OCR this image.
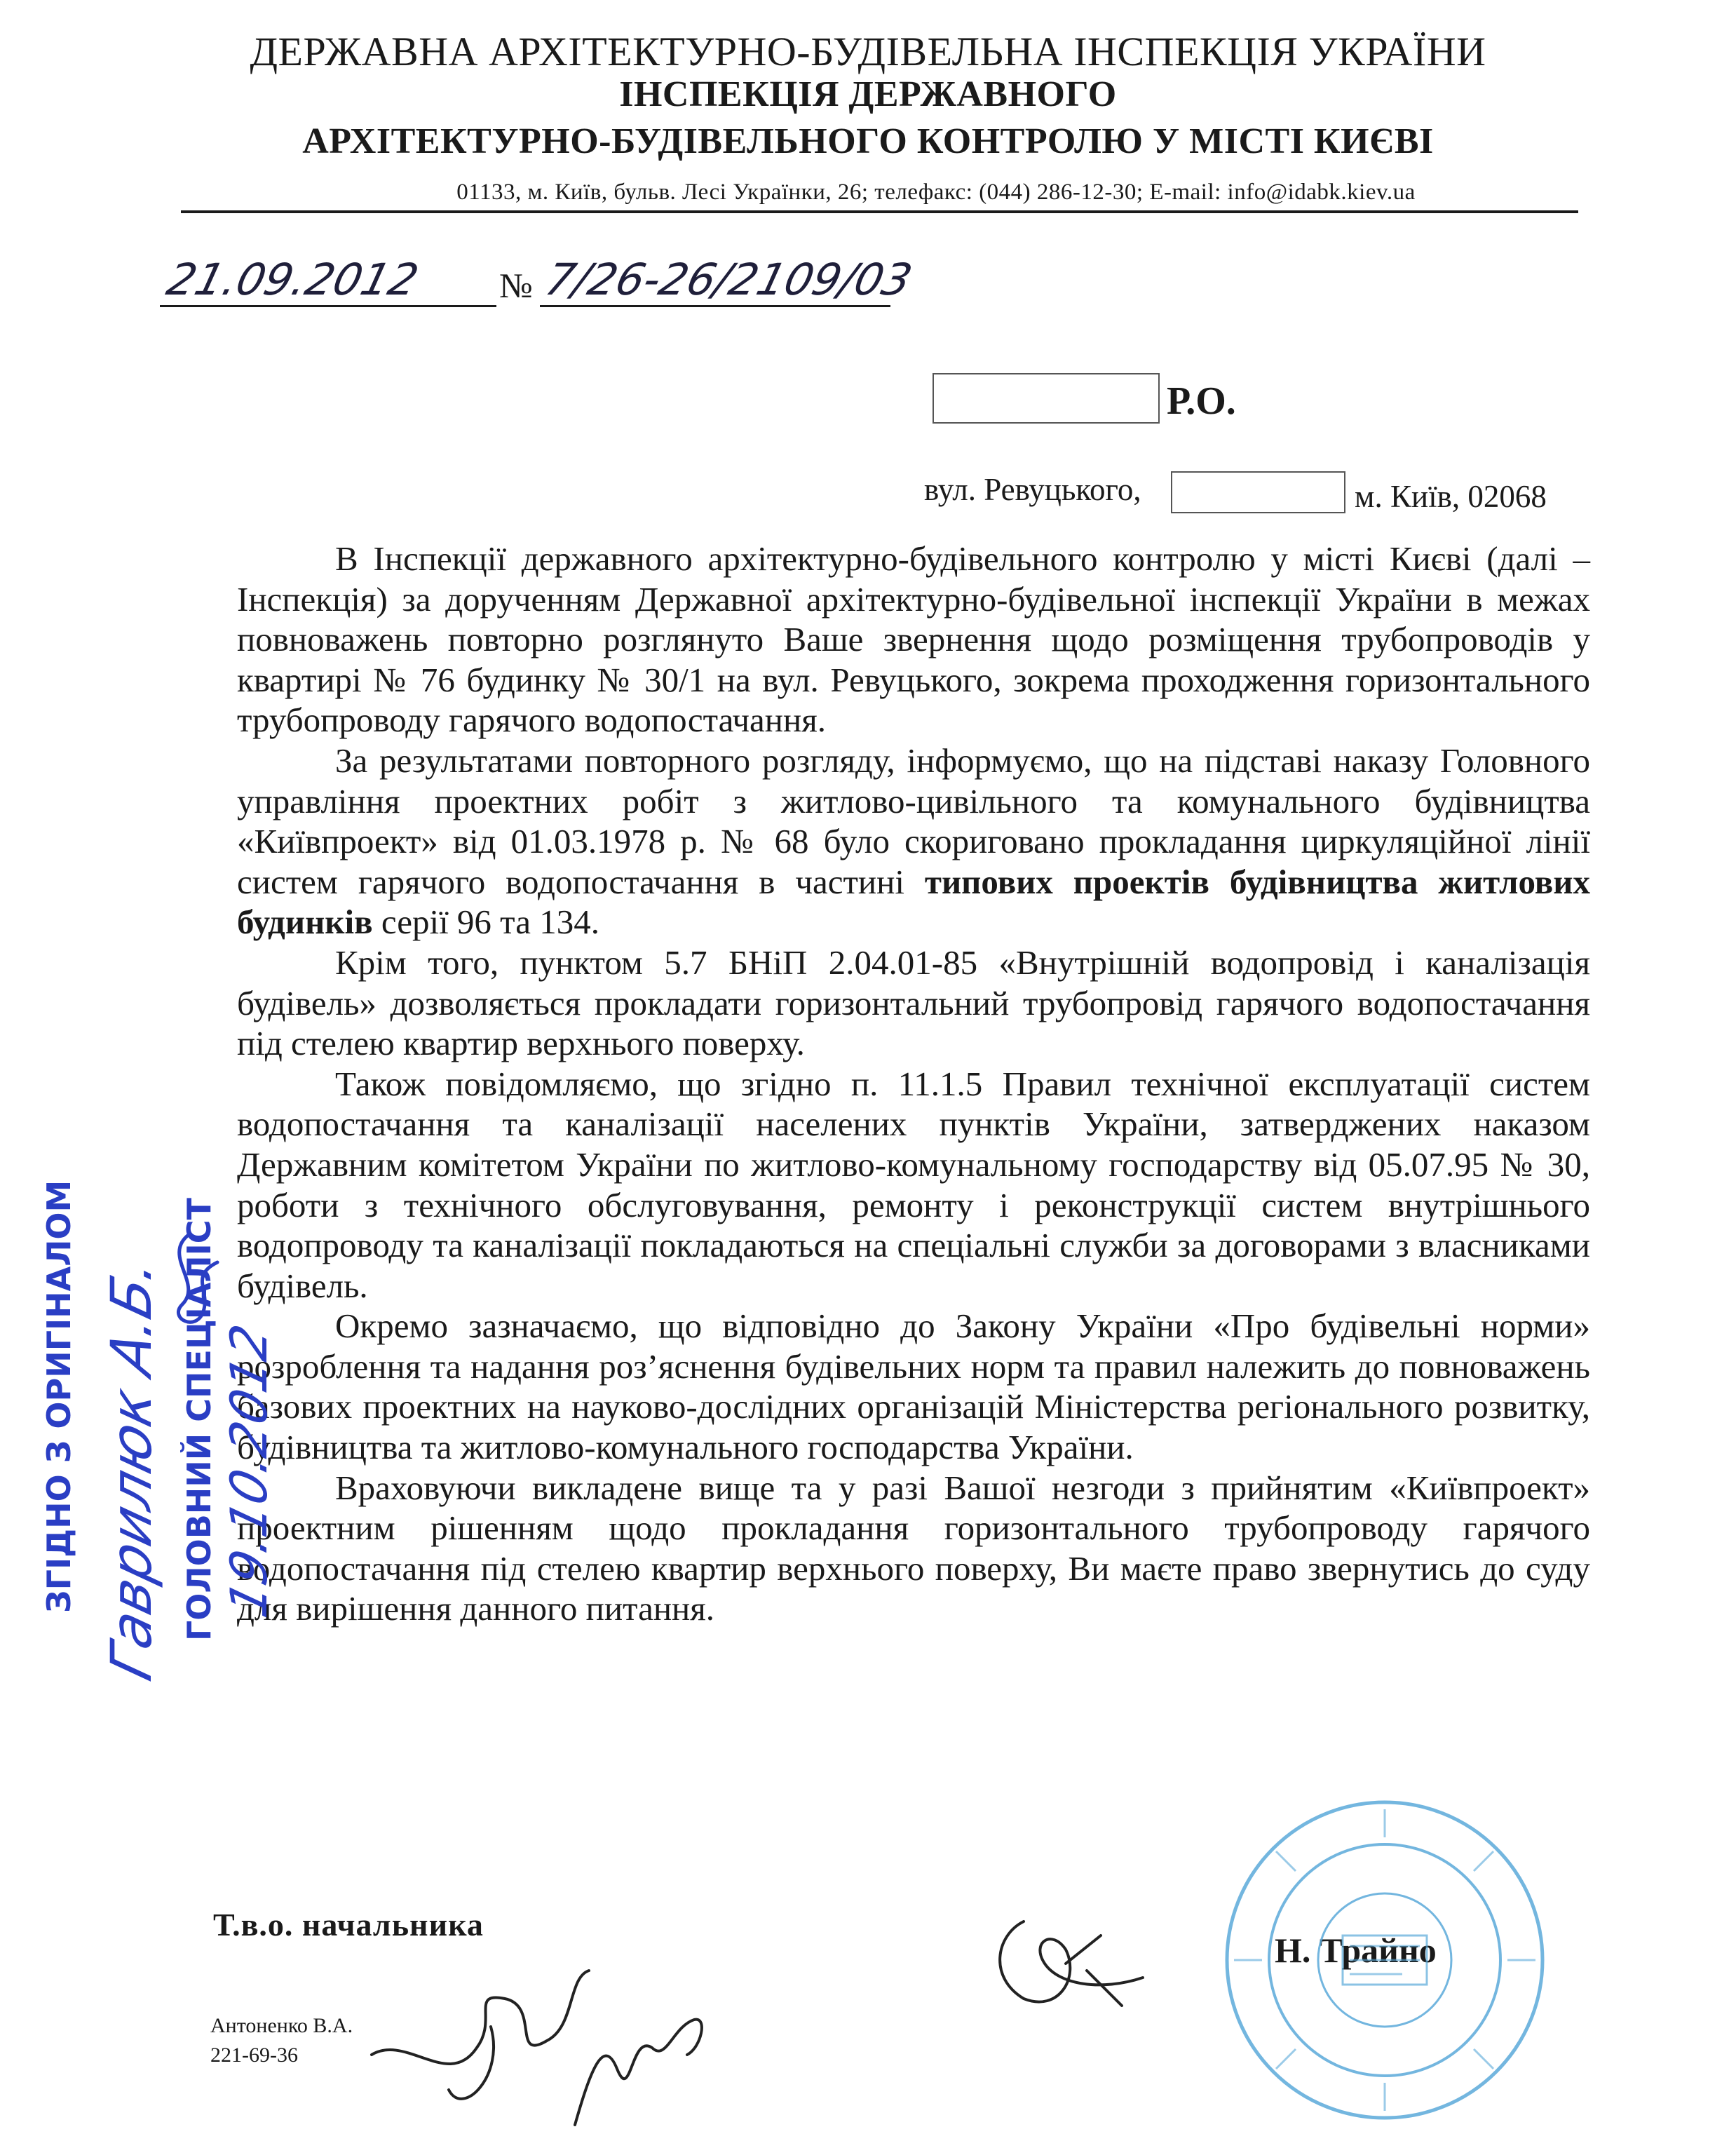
ДЕРЖАВНА АРХІТЕКТУРНО-БУДІВЕЛЬНА ІНСПЕКЦІЯ УКРАЇНИ
ІНСПЕКЦІЯ ДЕРЖАВНОГО
АРХІТЕКТУРНО-БУДІВЕЛЬНОГО КОНТРОЛЮ У МІСТІ КИЄВІ
01133, м. Київ, бульв. Лесі Українки, 26; телефакс: (044) 286-12-30; E-mail: info@idabk.kiev.ua
21.09.2012 № 7/26-26/2109/03
Р.О.
вул. Ревуцького,	м. Київ, 02068

В Інспекції державного архітектурно-будівельного контролю у місті Києві (далі – Інспекція) за дорученням Державної архітектурно-будівельної інспекції України в межах повноважень повторно розглянуто Ваше звернення щодо розміщення трубопроводів у квартирі № 76 будинку № 30/1 на вул. Ревуцького, зокрема проходження горизонтального трубопроводу гарячого водопостачання.

За результатами повторного розгляду, інформуємо, що на підставі наказу Головного управління проектних робіт з житлово-цивільного та комунального будівництва «Київпроект» від 01.03.1978 р. № 68 було скориговано прокладання циркуляційної лінії систем гарячого водопостачання в частині типових проектів будівництва житлових будинків серії 96 та 134.

Крім того, пунктом 5.7 БНіП 2.04.01-85 «Внутрішній водопровід і каналізація будівель» дозволяється прокладати горизонтальний трубопровід гарячого водопостачання під стелею квартир верхнього поверху.

Також повідомляємо, що згідно п. 11.1.5 Правил технічної експлуатації систем водопостачання та каналізації населених пунктів України, затверджених наказом Державним комітетом України по житлово-комунальному господарству від 05.07.95 № 30, роботи з технічного обслуговування, ремонту і реконструкції систем внутрішнього водопроводу та каналізації покладаються на спеціальні служби за договорами з власниками будівель.

Окремо зазначаємо, що відповідно до Закону України «Про будівельні норми» розроблення та надання роз’яснення будівельних норм та правил належить до повноважень базових проектних на науково-дослідних організацій Міністерства регіонального розвитку, будівництва та житлово-комунального господарства України.

Враховуючи викладене вище та у разі Вашої незгоди з прийнятим «Київпроект» проектним рішенням щодо прокладання горизонтального трубопроводу гарячого водопостачання під стелею квартир верхнього поверху, Ви маєте право звернутись до суду для вирішення данного питання.

Т.в.о. начальника
Н. Трайно
Антоненко В.А.
221-69-36
ЗГІДНО З ОРИГІНАЛОМ Гаврилюк А.Б. ГОЛОВНИЙ СПЕЦІАЛІСТ 19.10.2012
